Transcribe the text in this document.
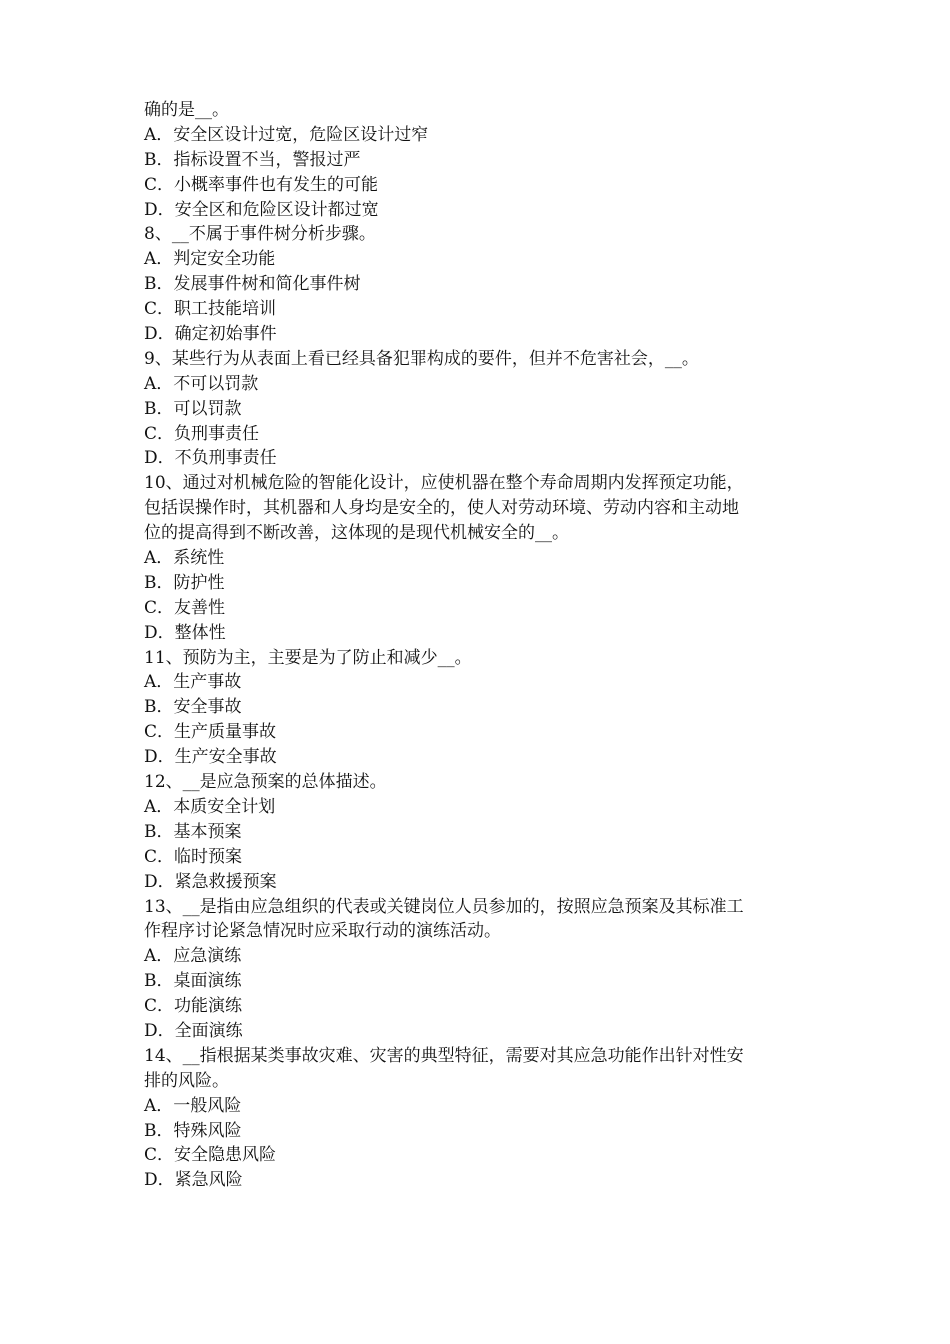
确的是__。
A．安全区设计过宽，危险区设计过窄
B．指标设置不当，警报过严
C．小概率事件也有发生的可能
D．安全区和危险区设计都过宽
8、__不属于事件树分析步骤。
A．判定安全功能
B．发展事件树和简化事件树
C．职工技能培训
D．确定初始事件
9、某些行为从表面上看已经具备犯罪构成的要件，但并不危害社会，__。
A．不可以罚款
B．可以罚款
C．负刑事责任
D．不负刑事责任
10、通过对机械危险的智能化设计，应使机器在整个寿命周期内发挥预定功能，
包括误操作时，其机器和人身均是安全的，使人对劳动环境、劳动内容和主动地
位的提高得到不断改善，这体现的是现代机械安全的__。
A．系统性
B．防护性
C．友善性
D．整体性
11、预防为主，主要是为了防止和减少__。
A．生产事故
B．安全事故
C．生产质量事故
D．生产安全事故
12、__是应急预案的总体描述。
A．本质安全计划
B．基本预案
C．临时预案
D．紧急救援预案
13、__是指由应急组织的代表或关键岗位人员参加的，按照应急预案及其标准工
作程序讨论紧急情况时应采取行动的演练活动。
A．应急演练
B．桌面演练
C．功能演练
D．全面演练
14、__指根据某类事故灾难、灾害的典型特征，需要对其应急功能作出针对性安
排的风险。
A．一般风险
B．特殊风险
C．安全隐患风险
D．紧急风险
